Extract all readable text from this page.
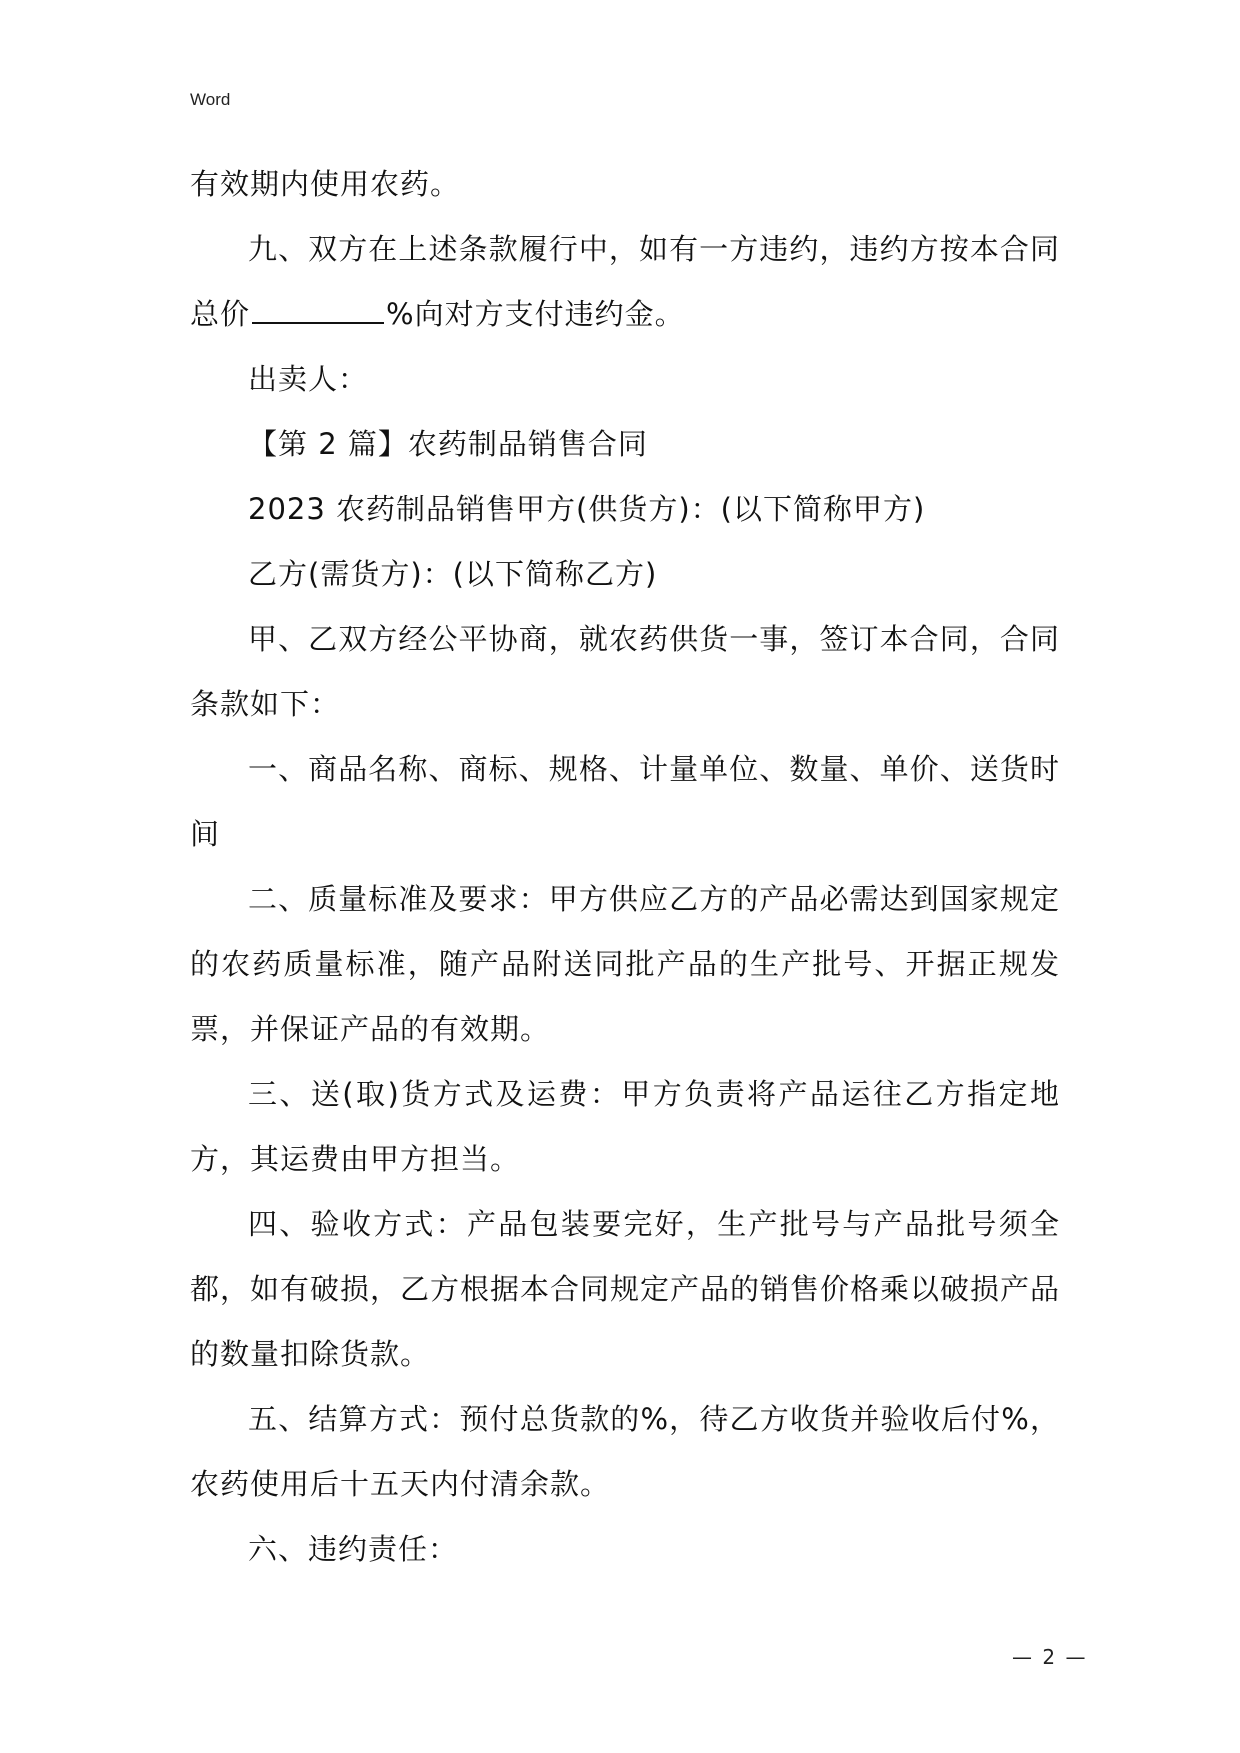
Word

有效期内使用农药。

九、双方在上述条款履行中，如有一方违约，违约方按本合同总价	%向对方支付违约金。

出卖人：

【第 2 篇】农药制品销售合同

2023 农药制品销售甲方(供货方)：(以下简称甲方)

乙方(需货方)：(以下简称乙方)

甲、乙双方经公平协商，就农药供货一事，签订本合同，合同条款如下：

一、商品名称、商标、规格、计量单位、数量、单价、送货时间

二、质量标准及要求：甲方供应乙方的产品必需达到国家规定的农药质量标准，随产品附送同批产品的生产批号、开据正规发票，并保证产品的有效期。

三、送(取)货方式及运费：甲方负责将产品运往乙方指定地方，其运费由甲方担当。

四、验收方式：产品包装要完好，生产批号与产品批号须全都，如有破损，乙方根据本合同规定产品的销售价格乘以破损产品的数量扣除货款。

五、结算方式：预付总货款的%，待乙方收货并验收后付%，农药使用后十五天内付清余款。

六、违约责任：

— 2 —
